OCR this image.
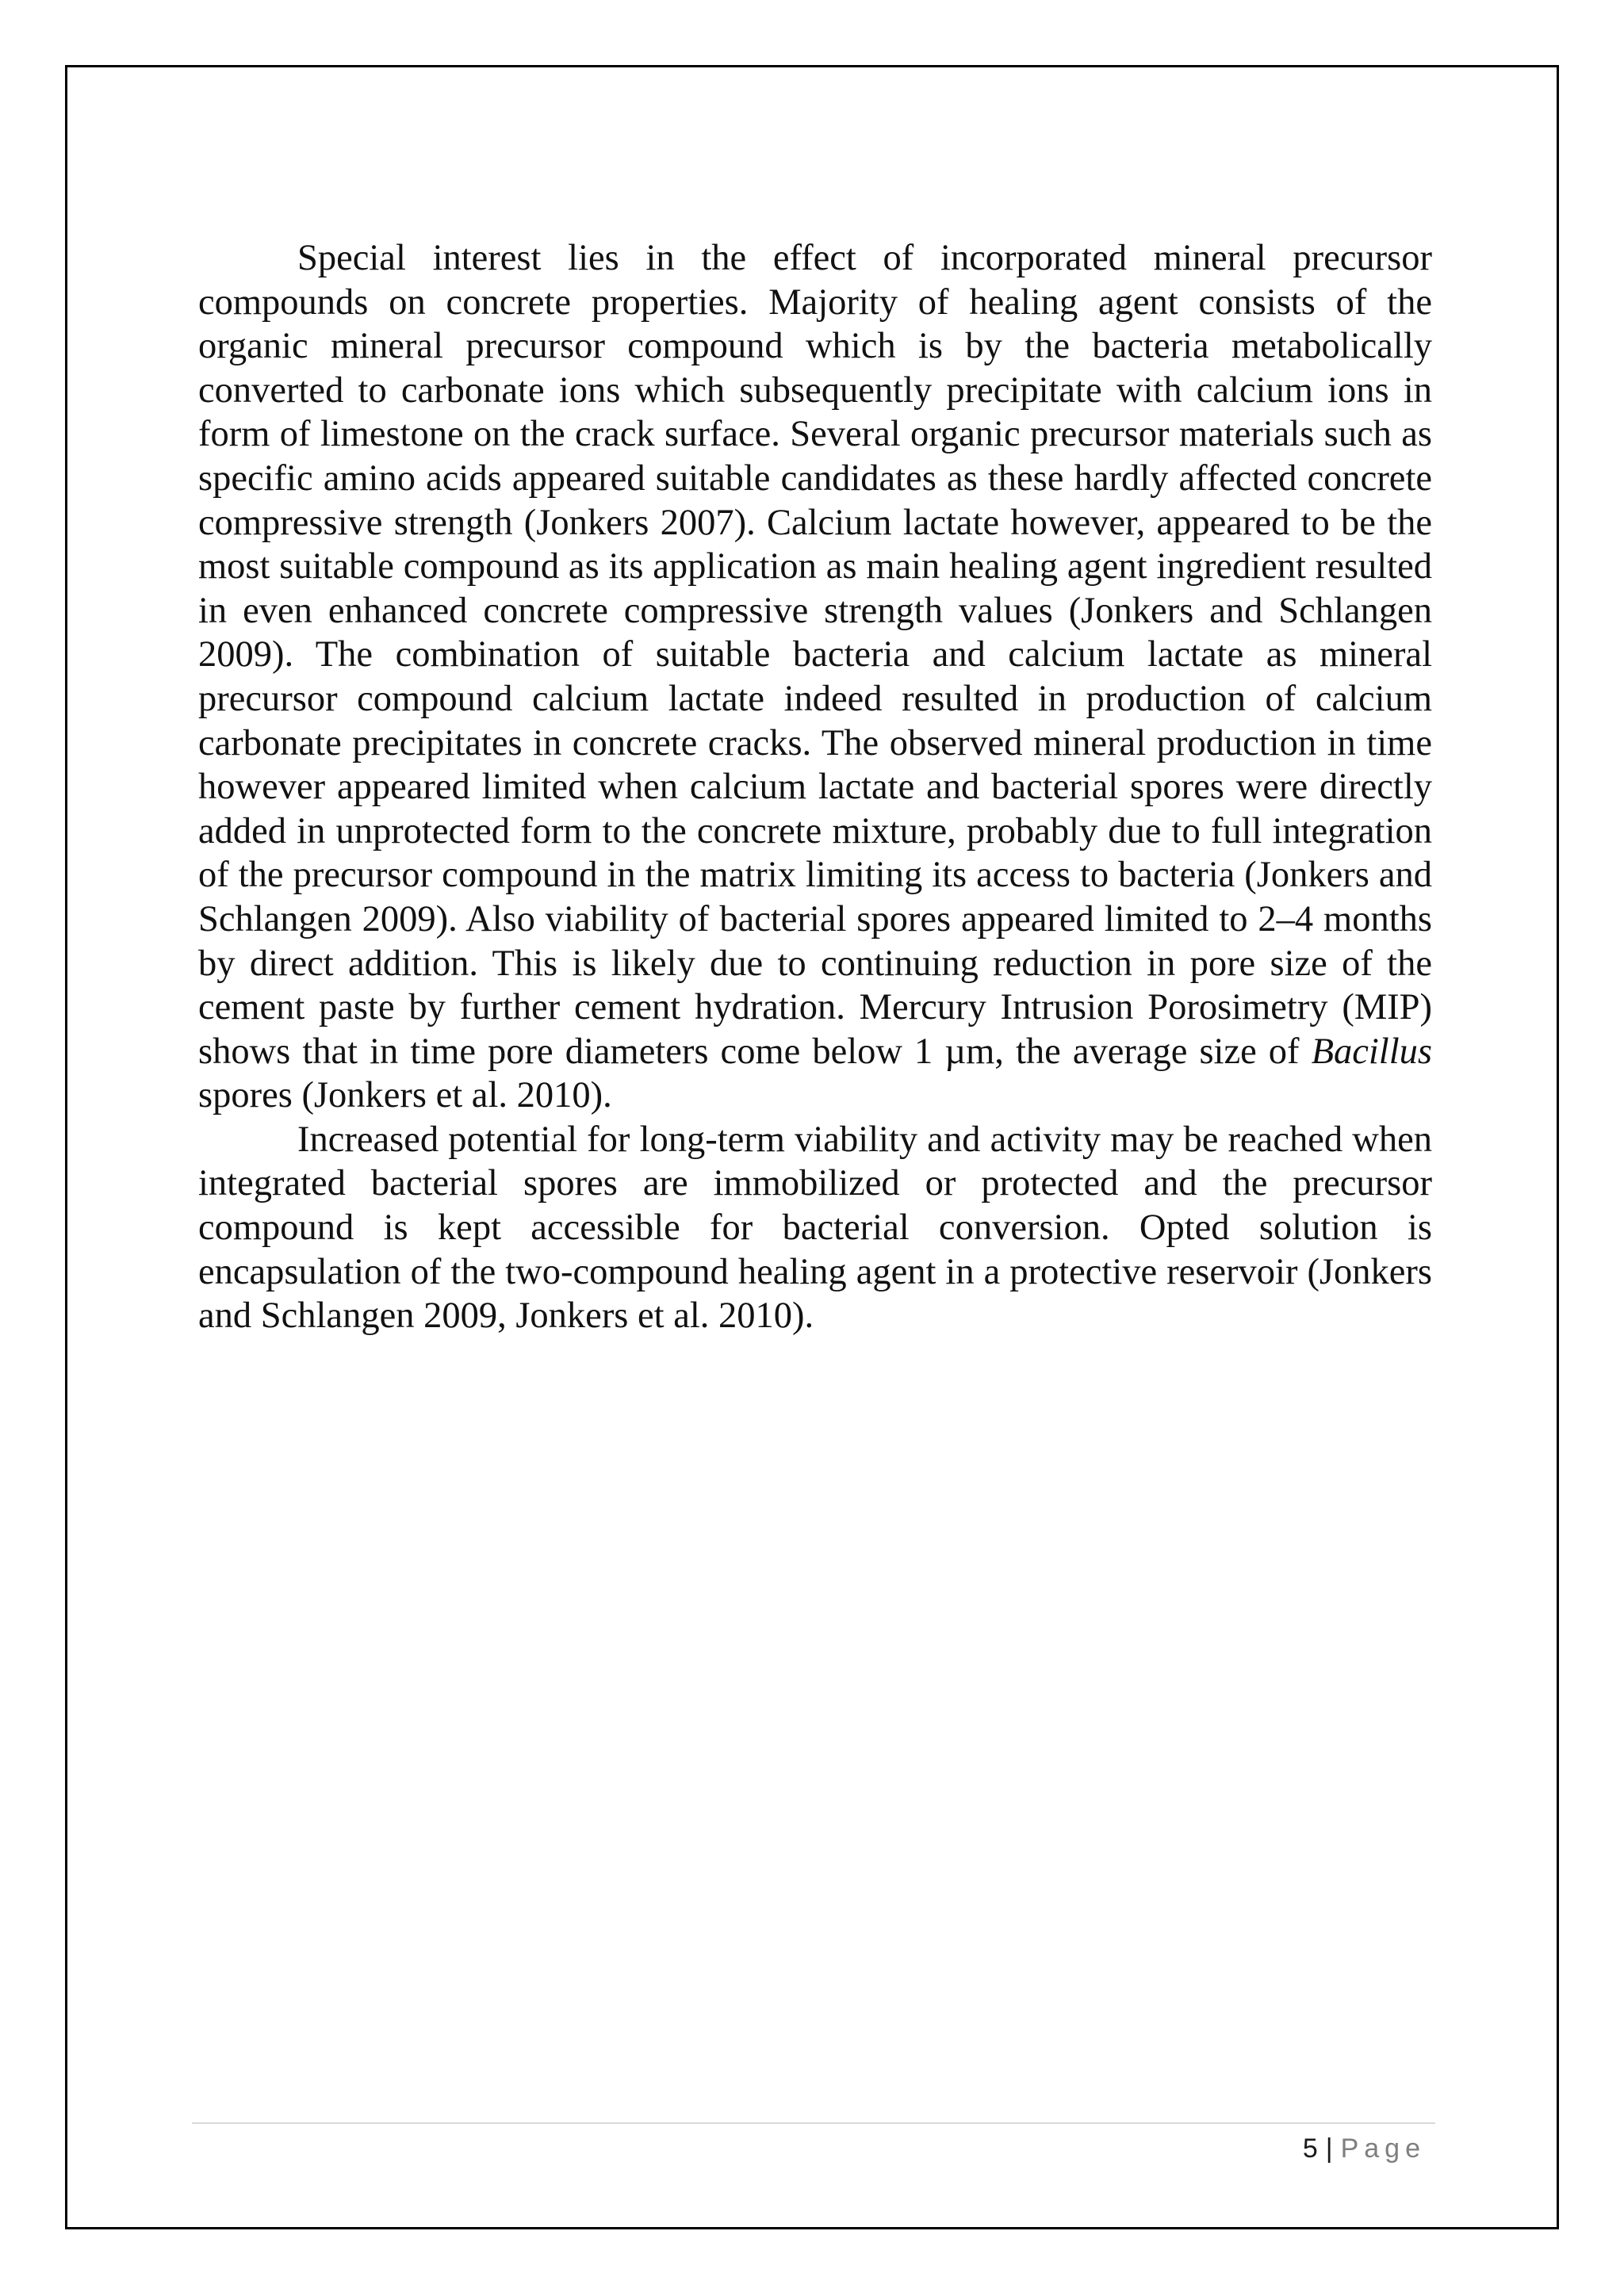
Special interest lies in the effect of incorporated mineral precursor compounds on concrete properties. Majority of healing agent consists of the organic mineral precursor compound which is by the bacteria metabolically converted to carbonate ions which subsequently precipitate with calcium ions in form of limestone on the crack surface. Several organic precursor materials such as specific amino acids appeared suitable candidates as these hardly affected concrete compressive strength (Jonkers 2007). Calcium lactate however, appeared to be the most suitable compound as its application as main healing agent ingredient resulted in even enhanced concrete compressive strength values (Jonkers and Schlangen 2009). The combination of suitable bacteria and calcium lactate as mineral precursor compound calcium lactate indeed resulted in production of calcium carbonate precipitates in concrete cracks. The observed mineral production in time however appeared limited when calcium lactate and bacterial spores were directly added in unprotected form to the concrete mixture, probably due to full integration of the precursor compound in the matrix limiting its access to bacteria (Jonkers and Schlangen 2009). Also viability of bacterial spores appeared limited to 2–4 months by direct addition. This is likely due to continuing reduction in pore size of the cement paste by further cement hydration. Mercury Intrusion Porosimetry (MIP) shows that in time pore diameters come below 1 µm, the average size of Bacillus spores (Jonkers et al. 2010).

Increased potential for long-term viability and activity may be reached when integrated bacterial spores are immobilized or protected and the precursor compound is kept accessible for bacterial conversion. Opted solution is encapsulation of the two-compound healing agent in a protective reservoir (Jonkers and Schlangen 2009, Jonkers et al. 2010).

5 | Page
